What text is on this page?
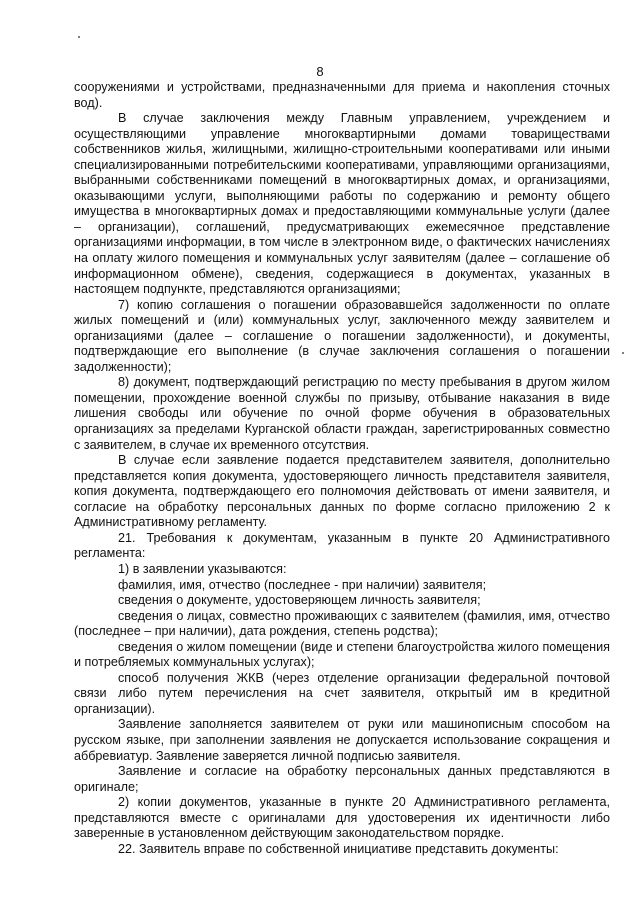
8

сооружениями и устройствами, предназначенными для приема и накопления сточных вод).

В случае заключения между Главным управлением, учреждением и осуществляющими управление многоквартирными домами товариществами собственников жилья, жилищными, жилищно-строительными кооперативами или иными специализированными потребительскими кооперативами, управляющими организациями, выбранными собственниками помещений в многоквартирных домах, и организациями, оказывающими услуги, выполняющими работы по содержанию и ремонту общего имущества в многоквартирных домах и предоставляющими коммунальные услуги (далее – организации), соглашений, предусматривающих ежемесячное представление организациями информации, в том числе в электронном виде, о фактических начислениях на оплату жилого помещения и коммунальных услуг заявителям (далее – соглашение об информационном обмене), сведения, содержащиеся в документах, указанных в настоящем подпункте, представляются организациями;

7) копию соглашения о погашении образовавшейся задолженности по оплате жилых помещений и (или) коммунальных услуг, заключенного между заявителем и организациями (далее – соглашение о погашении задолженности), и документы, подтверждающие его выполнение (в случае заключения соглашения о погашении задолженности);

8) документ, подтверждающий регистрацию по месту пребывания в другом жилом помещении, прохождение военной службы по призыву, отбывание наказания в виде лишения свободы или обучение по очной форме обучения в образовательных организациях за пределами Курганской области граждан, зарегистрированных совместно с заявителем, в случае их временного отсутствия.

В случае если заявление подается представителем заявителя, дополнительно представляется копия документа, удостоверяющего личность представителя заявителя, копия документа, подтверждающего его полномочия действовать от имени заявителя, и согласие на обработку персональных данных по форме согласно приложению 2 к Административному регламенту.

21. Требования к документам, указанным в пункте 20 Административного регламента:

1) в заявлении указываются:

фамилия, имя, отчество (последнее - при наличии) заявителя;

сведения о документе, удостоверяющем личность заявителя;

сведения о лицах, совместно проживающих с заявителем (фамилия, имя, отчество (последнее – при наличии), дата рождения, степень родства);

сведения о жилом помещении (виде и степени благоустройства жилого помещения и потребляемых коммунальных услугах);

способ получения ЖКВ (через отделение организации федеральной почтовой связи либо путем перечисления на счет заявителя, открытый им в кредитной организации).

Заявление заполняется заявителем от руки или машинописным способом на русском языке, при заполнении заявления не допускается использование сокращения и аббревиатур. Заявление заверяется личной подписью заявителя.

Заявление и согласие на обработку персональных данных представляются в оригинале;

2) копии документов, указанные в пункте 20 Административного регламента, представляются вместе с оригиналами для удостоверения их идентичности либо заверенные в установленном действующим законодательством порядке.

22. Заявитель вправе по собственной инициативе представить документы:
